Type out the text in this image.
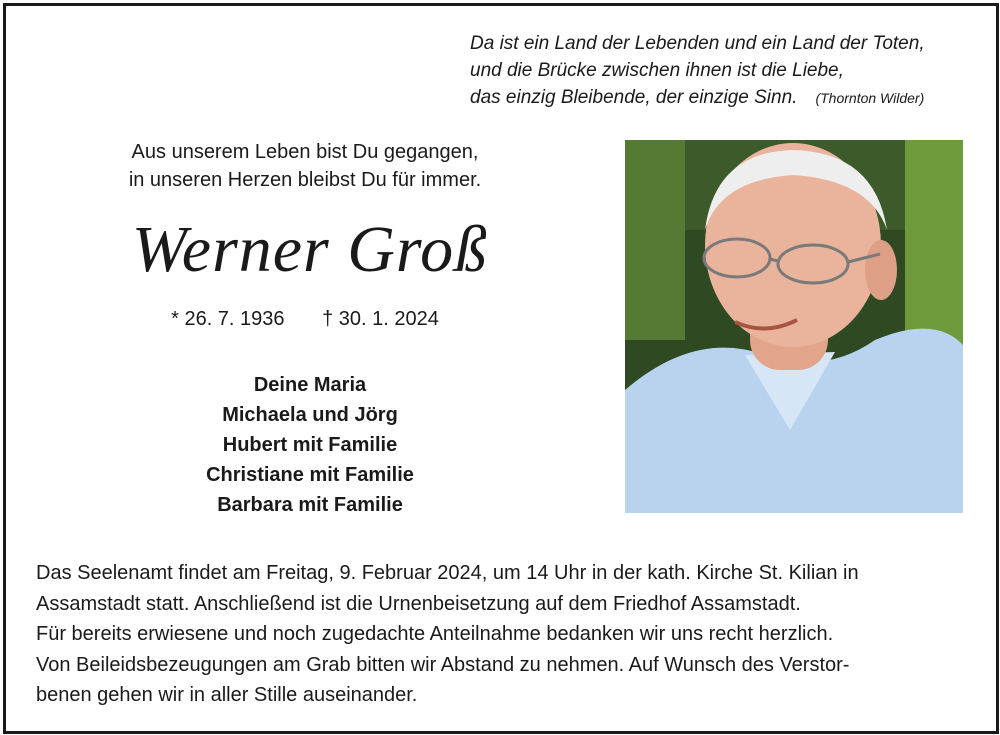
Da ist ein Land der Lebenden und ein Land der Toten,
und die Brücke zwischen ihnen ist die Liebe,
das einzig Bleibende, der einzige Sinn. (Thornton Wilder)
Aus unserem Leben bist Du gegangen,
in unseren Herzen bleibst Du für immer.
Werner Groß
* 26. 7. 1936 † 30. 1. 2024
Deine Maria
Michaela und Jörg
Hubert mit Familie
Christiane mit Familie
Barbara mit Familie
Das Seelenamt findet am Freitag, 9. Februar 2024, um 14 Uhr in der kath. Kirche St. Kilian in
Assamstadt statt. Anschließend ist die Urnenbeisetzung auf dem Friedhof Assamstadt.
Für bereits erwiesene und noch zugedachte Anteilnahme bedanken wir uns recht herzlich.
Von Beileidsbezeugungen am Grab bitten wir Abstand zu nehmen. Auf Wunsch des Verstor-
benen gehen wir in aller Stille auseinander.
